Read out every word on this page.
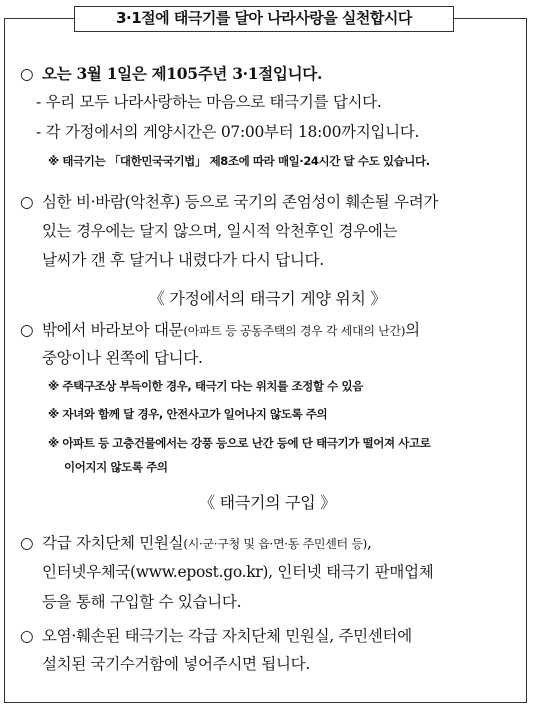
3·1절에 태극기를 달아 나라사랑을 실천합시다
○ 오는 3월 1일은 제105주년 3·1절입니다.
- 우리 모두 나라사랑하는 마음으로 태극기를 답시다.
- 각 가정에서의 게양시간은 07:00부터 18:00까지입니다.
※ 태극기는 「대한민국국기법」 제8조에 따라 매일·24시간 달 수도 있습니다.
○ 심한 비·바람(악천후) 등으로 국기의 존엄성이 훼손될 우려가
있는 경우에는 달지 않으며, 일시적 악천후인 경우에는
날씨가 갠 후 달거나 내렸다가 다시 답니다.
《 가정에서의 태극기 게양 위치 》
○ 밖에서 바라보아 대문(아파트 등 공동주택의 경우 각 세대의 난간)의
중앙이나 왼쪽에 답니다.
※ 주택구조상 부득이한 경우, 태극기 다는 위치를 조정할 수 있음
※ 자녀와 함께 달 경우, 안전사고가 일어나지 않도록 주의
※ 아파트 등 고층건물에서는 강풍 등으로 난간 등에 단 태극기가 떨어져 사고로
이어지지 않도록 주의
《 태극기의 구입 》
○ 각급 자치단체 민원실(시·군·구청 및 읍·면·동 주민센터 등),
인터넷우체국(www.epost.go.kr), 인터넷 태극기 판매업체
등을 통해 구입할 수 있습니다.
○ 오염·훼손된 태극기는 각급 자치단체 민원실, 주민센터에
설치된 국기수거함에 넣어주시면 됩니다.
